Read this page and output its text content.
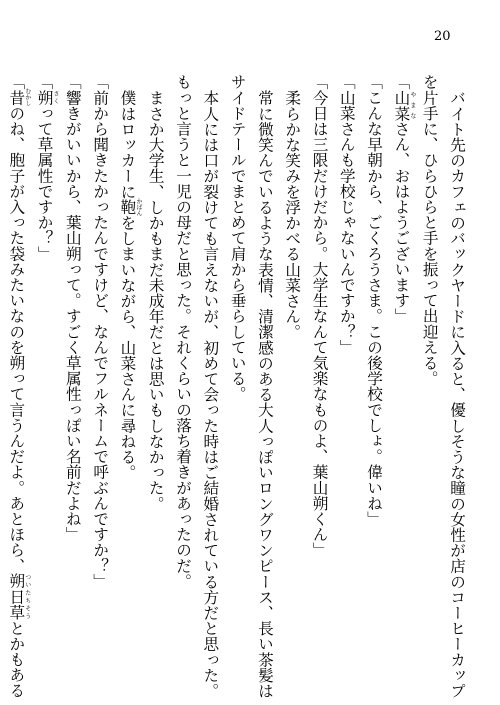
20
バイト先のカフェのバックヤードに入ると、優しそうな瞳の女性が店のコーヒーカップ
を片手に、ひらひらと手を振って出迎える。
「山菜やまなさん、おはようございます」
「こんな早朝から、ごくろうさま。この後学校でしょ。偉いね」
「山菜さんも学校じゃないんですか？」
「今日は三限だけだから。大学生なんて気楽なものよ、葉山朔くん」
柔らかな笑みを浮かべる山菜さん。
常に微笑んでいるような表情、清潔感のある大人っぽいロングワンピース、長い茶髪は
サイドテールでまとめて肩から垂らしている。
本人には口が裂けても言えないが、初めて会った時はご結婚されている方だと思った。
もっと言うと一児の母だと思った。それくらいの落ち着きがあったのだ。
まさか大学生、しかもまだ未成年だとは思いもしなかった。
僕はロッカーに鞄かばんをしまいながら、山菜さんに尋ねる。
「前から聞きたかったんですけど、なんでフルネームで呼ぶんですか？」
「響きがいいから、葉山朔って。すごく草属性っぽい名前だよね」
「朔さくって草属性ですか？」
「昔むかしのね、胞子が入った袋みたいなのを朔って言うんだよ。あとほら、朔日草ついたちそうとかもある
